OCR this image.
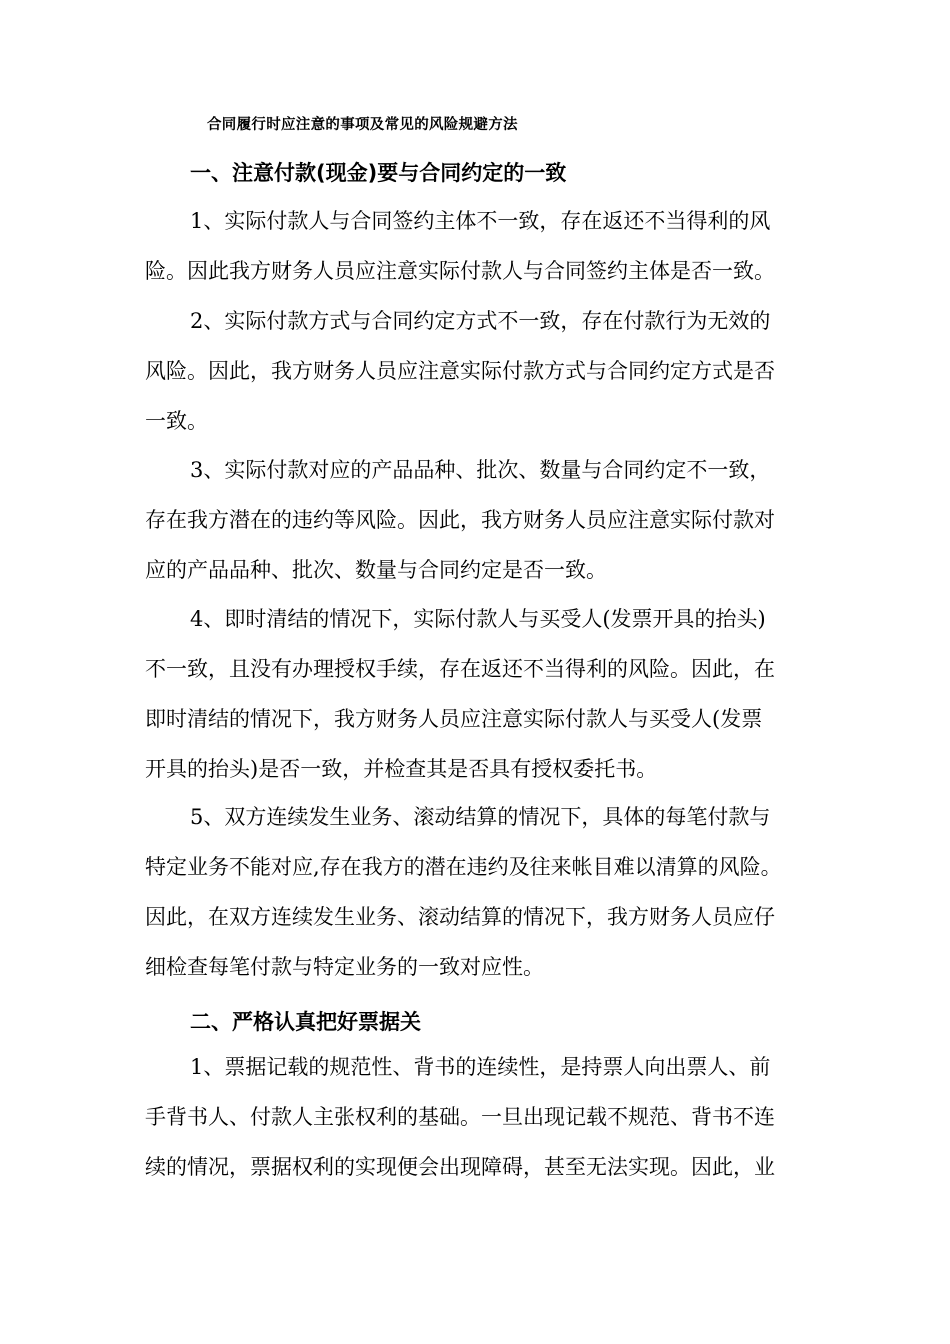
合同履行时应注意的事项及常见的风险规避方法
一、注意付款(现金)要与合同约定的一致
1、实际付款人与合同签约主体不一致，存在返还不当得利的风
险。因此我方财务人员应注意实际付款人与合同签约主体是否一致。
2、实际付款方式与合同约定方式不一致，存在付款行为无效的
风险。因此，我方财务人员应注意实际付款方式与合同约定方式是否
一致。
3、实际付款对应的产品品种、批次、数量与合同约定不一致，
存在我方潜在的违约等风险。因此，我方财务人员应注意实际付款对
应的产品品种、批次、数量与合同约定是否一致。
4、即时清结的情况下，实际付款人与买受人(发票开具的抬头)
不一致，且没有办理授权手续，存在返还不当得利的风险。因此，在
即时清结的情况下，我方财务人员应注意实际付款人与买受人(发票
开具的抬头)是否一致，并检查其是否具有授权委托书。
5、双方连续发生业务、滚动结算的情况下，具体的每笔付款与
特定业务不能对应,存在我方的潜在违约及往来帐目难以清算的风险。
因此，在双方连续发生业务、滚动结算的情况下，我方财务人员应仔
细检查每笔付款与特定业务的一致对应性。
二、严格认真把好票据关
1、票据记载的规范性、背书的连续性，是持票人向出票人、前
手背书人、付款人主张权利的基础。一旦出现记载不规范、背书不连
续的情况，票据权利的实现便会出现障碍，甚至无法实现。因此，业
